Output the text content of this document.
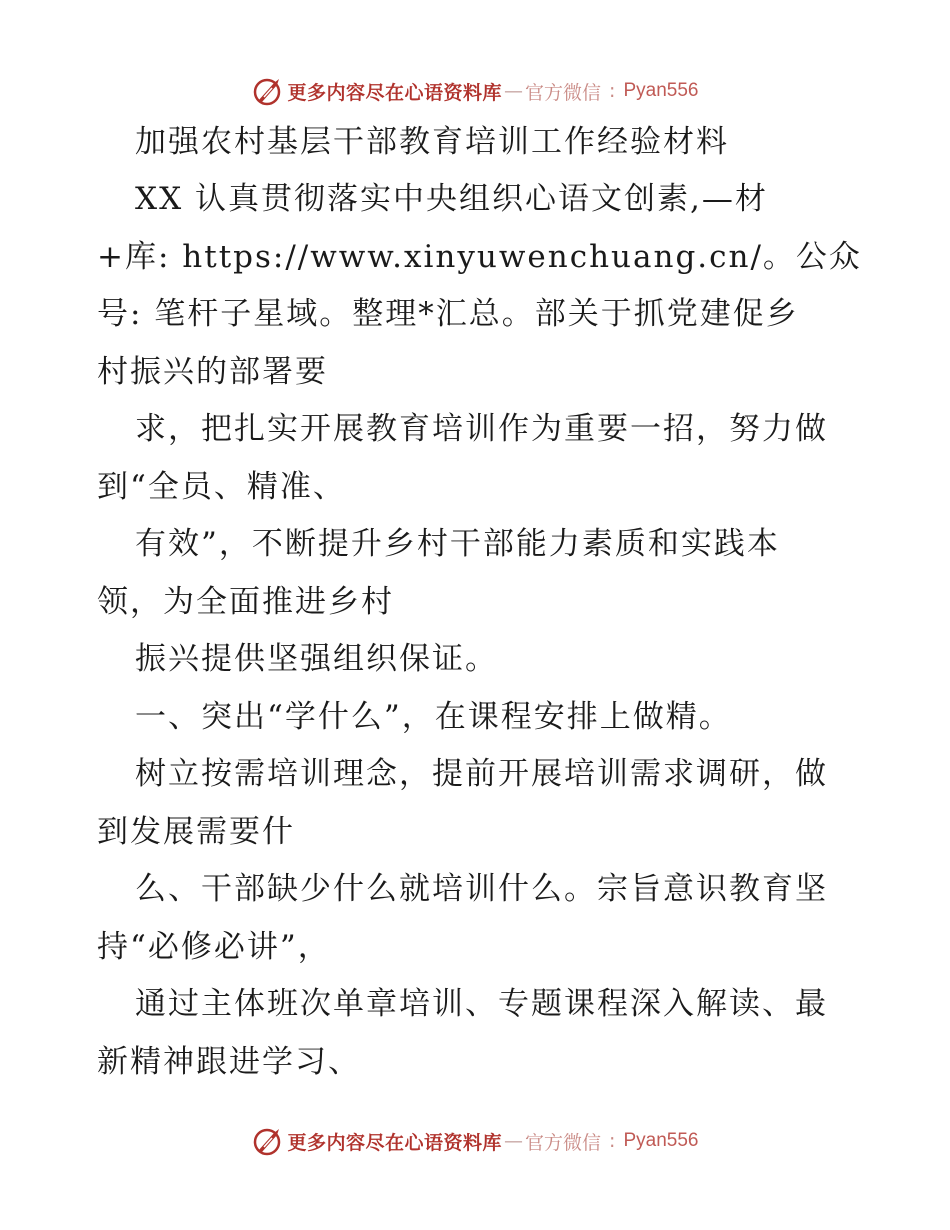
更多内容尽在心语资料库 — 官方微信 : Pyan556
加强农村基层干部教育培训工作经验材料
XX 认真贯彻落实中央组织心语文创素,—材
+库: https://www.xinyuwenchuang.cn/。公众
号: 笔杆子星域。整理*汇总。部关于抓党建促乡
村振兴的部署要
求，把扎实开展教育培训作为重要一招，努力做
到“全员、精准、
有效”，不断提升乡村干部能力素质和实践本
领，为全面推进乡村
振兴提供坚强组织保证。
一、突出“学什么”，在课程安排上做精。
树立按需培训理念，提前开展培训需求调研，做
到发展需要什
么、干部缺少什么就培训什么。宗旨意识教育坚
持“必修必讲”，
通过主体班次单章培训、专题课程深入解读、最
新精神跟进学习、
更多内容尽在心语资料库 — 官方微信 : Pyan556
